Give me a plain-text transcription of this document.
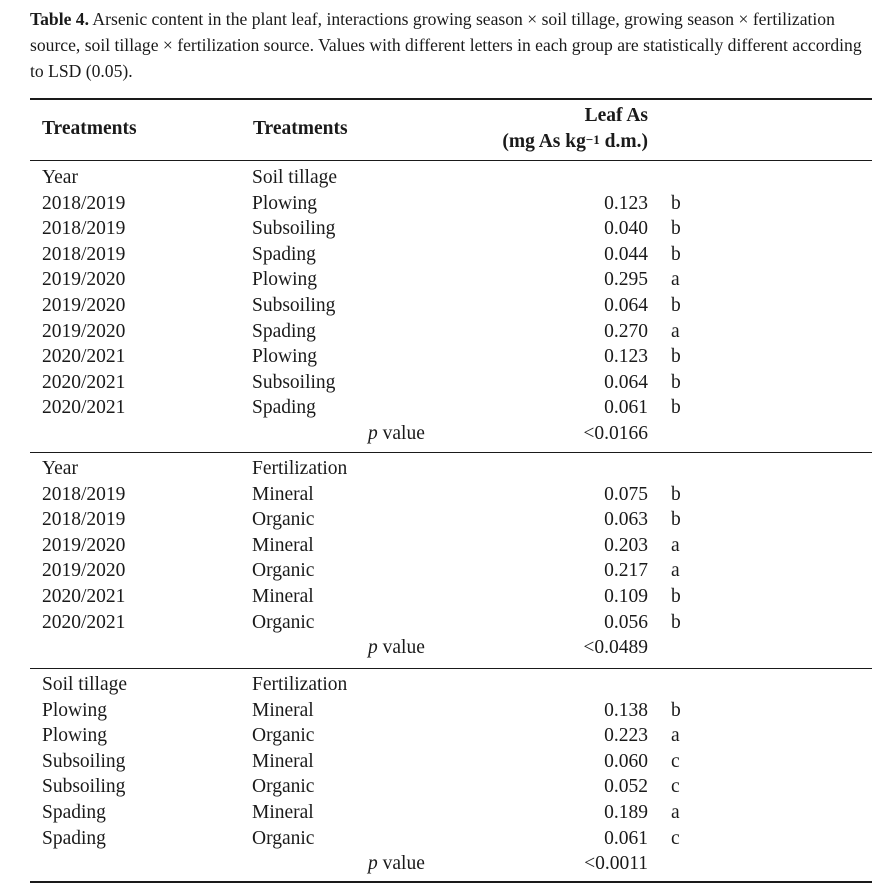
Table 4. Arsenic content in the plant leaf, interactions growing season × soil tillage, growing season × fertilization source, soil tillage × fertilization source. Values with different letters in each group are statistically different according to LSD (0.05).
Treatments	Treatments
Leaf As
(mg As $kg^{-1}$ d.m.)
Year	Soil tillage
2018/2019	Plowing	0.123 b
2018/2019	Subsoiling	0.040 b
2018/2019	Spading	0.044 b
2019/2020	Plowing	0.295 a
2019/2020	Subsoiling	0.064 b
2019/2020	Spading	0.270 a
2020/2021	Plowing	0.123 b
2020/2021	Subsoiling	0.064 b
2020/2021	Spading	0.061 b
p value	<0.0166
Year	Fertilization
2018/2019	Mineral	0.075 b
2018/2019	Organic	0.063 b
2019/2020	Mineral	0.203 a
2019/2020	Organic	0.217 a
2020/2021	Mineral	0.109 b
2020/2021	Organic	0.056 b
p value	<0.0489
Soil tillage	Fertilization
Plowing	Mineral	0.138 b
Plowing	Organic	0.223 a
Subsoiling	Mineral	0.060 c
Subsoiling	Organic	0.052 c
Spading	Mineral	0.189 a
Spading	Organic	0.061 c
p value	<0.0011
